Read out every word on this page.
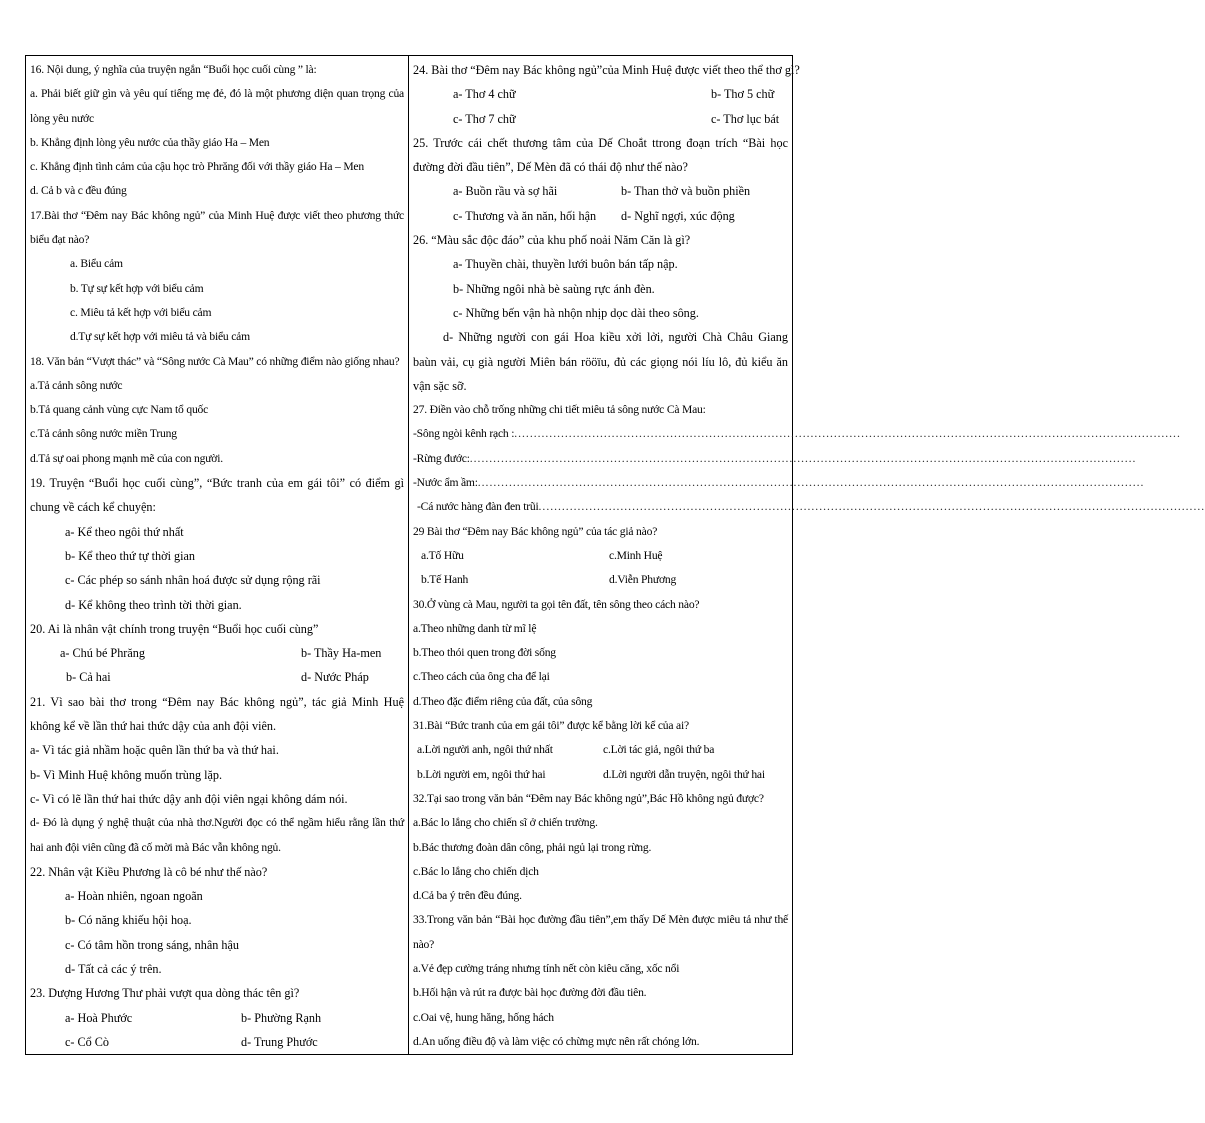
16. Nội dung, ý nghĩa của truyện ngắn “Buổi học cuối cùng ” là:
a. Phải biết giữ gìn và yêu quí tiếng mẹ đẻ, đó là một phương diện quan trọng của lòng yêu nước
b. Khẳng định lòng yêu nước của thầy giáo Ha – Men
c. Khẳng định tình cảm của cậu học trò Phrăng đối với thầy giáo Ha – Men
d. Cả b và c đều đúng
17.Bài thơ “Đêm nay Bác không ngủ” của Minh Huệ được viết theo phương thức biểu đạt nào?
a. Biểu cảm
b. Tự sự kết hợp với biểu cảm
c. Miêu tả kết hợp với biểu cảm
d.Tự sự kết hợp với miêu tả và biểu cảm
18. Văn bản “Vượt thác” và “Sông nước Cà Mau” có những điểm nào giống nhau?
a.Tả cảnh sông nước
b.Tả quang cảnh vùng cực Nam tổ quốc
c.Tả cảnh sông nước miền Trung
d.Tả sự oai phong mạnh mẽ của con người.
19. Truyện “Buổi học cuối cùng”, “Bức tranh của em gái tôi” có điểm gì chung về cách kể chuyện:
a- Kể theo ngôi thứ nhất
b- Kể theo thứ tự thời gian
c- Các phép so sánh nhân hoá được sử dụng rộng rãi
d- Kể không theo trình tời thời gian.
20. Ai là nhân vật chính trong truyện “Buổi học cuối cùng”
a- Chú bé Phrăng	b- Thầy Ha-men
b- Cả hai	d- Nước Pháp
21. Vì sao bài thơ trong “Đêm nay Bác không ngủ”, tác giả Minh Huệ không kể về lần thứ hai thức dậy của anh đội viên.
a- Vì tác giả nhầm hoặc quên lần thứ ba và thứ hai.
b- Vì Minh Huệ không muốn trùng lặp.
c- Vì có lẽ lần thứ hai thức dậy anh đội viên ngại không dám nói.
d- Đó là dụng ý nghệ thuật của nhà thơ.Người đọc có thể ngầm hiểu rằng lần thứ hai anh đội viên cũng đã cố mời mà Bác vẫn không ngủ.
22. Nhân vật Kiều Phương là cô bé như thế nào?
a- Hoàn nhiên, ngoan ngoãn
b- Có năng khiếu hội hoạ.
c- Có tâm hồn trong sáng, nhân hậu
d- Tất cả các ý trên.
23. Dượng Hương Thư phải vượt qua dòng thác tên gì?
a- Hoà Phước	b- Phường Rạnh
c- Cổ Cò	d- Trung Phước
24. Bài thơ “Đêm nay Bác không ngủ”của Minh Huệ được viết theo thể thơ gì?
a- Thơ 4 chữ	b- Thơ 5 chữ
c- Thơ 7 chữ	c- Thơ lục bát
25. Trước cái chết thương tâm của Dế Choắt ttrong đoạn trích “Bài học đường đời đầu tiên”, Dế Mèn đã có thái độ như thế nào?
a- Buồn rầu và sợ hãi	b- Than thở và buồn phiền
c- Thương và ăn năn, hối hận	d- Nghĩ ngợi, xúc động
26. “Màu sắc độc đáo” của khu phố noải Năm Căn là gì?
a- Thuyền chài, thuyền lưới buôn bán tấp nập.
b- Những ngôi nhà bè saùng rực ánh đèn.
c- Những bến vận hà nhộn nhịp dọc dài theo sông.
d- Những người con gái Hoa kiều xởi lởi, người Chà Châu Giang baùn vải, cụ già người Miên bán rööïu, đủ các giọng nói líu lô, đủ kiểu ăn vận sặc sỡ.
27. Điền vào chỗ trống những chi tiết miêu tả sông nước Cà Mau:
-Sông ngòi kênh rạch : ...........................................................................................................................................................................
-Rừng đước: ...........................................................................................................................................................................
-Nước ẩm ầm: ...........................................................................................................................................................................
-Cá nước hàng đàn đen trũi ...........................................................................................................................................................................
29 Bài thơ “Đêm nay Bác không ngủ” của tác giả nào?
a.Tố Hữu	c.Minh Huệ
b.Tế Hanh	d.Viễn Phương
30.Ở vùng cà Mau, người ta gọi tên đất, tên sông theo cách nào?
a.Theo những danh từ mĩ lệ
b.Theo thói quen trong đời sống
c.Theo cách của ông cha để lại
d.Theo đặc điểm riêng của đất, của sông
31.Bài “Bức tranh của em gái tôi” được kể bằng lời kể của ai?
a.Lời người anh, ngôi thứ nhất	c.Lời tác giả, ngôi thứ ba
b.Lời người em, ngôi thứ hai	d.Lời người dẫn truyện, ngôi thứ hai
32.Tại sao trong văn bản “Đêm nay Bác không ngủ”,Bác Hồ không ngủ được?
a.Bác lo lắng cho chiến sĩ ở chiến trường.
b.Bác thương đoàn dân công, phải ngủ lại trong rừng.
c.Bác lo lắng cho chiến dịch
d.Cả ba ý trên đều đúng.
33.Trong văn bản “Bài học đường đầu tiên”,em thấy Dế Mèn được miêu tả như thế nào?
a.Vẻ đẹp cường tráng nhưng tính nết còn kiêu căng, xốc nổi
b.Hối hận và rút ra được bài học đường đời đầu tiên.
c.Oai vệ, hung hăng, hống hách
d.An uống điều độ và làm việc có chừng mực nên rất chóng lớn.
